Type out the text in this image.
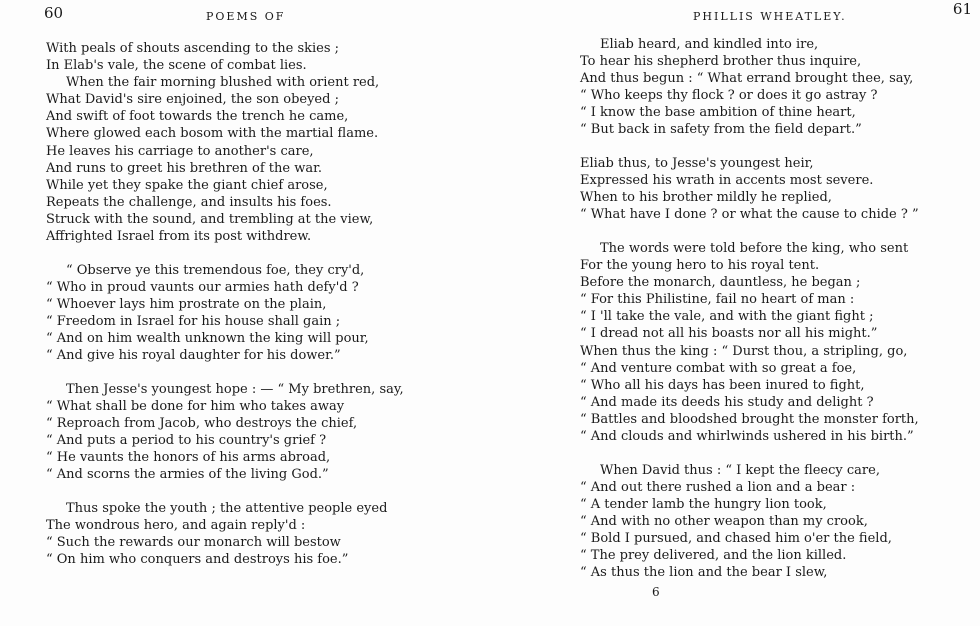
60	POEMS OF
With peals of shouts ascending to the skies ;
In Elab's vale, the scene of combat lies.
When the fair morning blushed with orient red,
What David's sire enjoined, the son obeyed ;
And swift of foot towards the trench he came,
Where glowed each bosom with the martial flame.
He leaves his carriage to another's care,
And runs to greet his brethren of the war.
While yet they spake the giant chief arose,
Repeats the challenge, and insults his foes.
Struck with the sound, and trembling at the view,
Affrighted Israel from its post withdrew.
“ Observe ye this tremendous foe, they cry'd,
“ Who in proud vaunts our armies hath defy'd ?
“ Whoever lays him prostrate on the plain,
“ Freedom in Israel for his house shall gain ;
“ And on him wealth unknown the king will pour,
“ And give his royal daughter for his dower.”
Then Jesse's youngest hope : — “ My brethren, say,
“ What shall be done for him who takes away
“ Reproach from Jacob, who destroys the chief,
“ And puts a period to his country's grief ?
“ He vaunts the honors of his arms abroad,
“ And scorns the armies of the living God.”
Thus spoke the youth ; the attentive people eyed
The wondrous hero, and again reply'd :
“ Such the rewards our monarch will bestow
“ On him who conquers and destroys his foe.”
61
PHILLIS WHEATLEY.
Eliab heard, and kindled into ire,
To hear his shepherd brother thus inquire,
And thus begun : “ What errand brought thee, say,
“ Who keeps thy flock ? or does it go astray ?
“ I know the base ambition of thine heart,
“ But back in safety from the field depart.”
Eliab thus, to Jesse's youngest heir,
Expressed his wrath in accents most severe.
When to his brother mildly he replied,
“ What have I done ? or what the cause to chide ? ”
The words were told before the king, who sent
For the young hero to his royal tent.
Before the monarch, dauntless, he began ;
“ For this Philistine, fail no heart of man :
“ I 'll take the vale, and with the giant fight ;
“ I dread not all his boasts nor all his might.”
When thus the king : “ Durst thou, a stripling, go,
“ And venture combat with so great a foe,
“ Who all his days has been inured to fight,
“ And made its deeds his study and delight ?
“ Battles and bloodshed brought the monster forth,
“ And clouds and whirlwinds ushered in his birth.”
When David thus : “ I kept the fleecy care,
“ And out there rushed a lion and a bear :
“ A tender lamb the hungry lion took,
“ And with no other weapon than my crook,
“ Bold I pursued, and chased him o'er the field,
“ The prey delivered, and the lion killed.
“ As thus the lion and the bear I slew,
6
